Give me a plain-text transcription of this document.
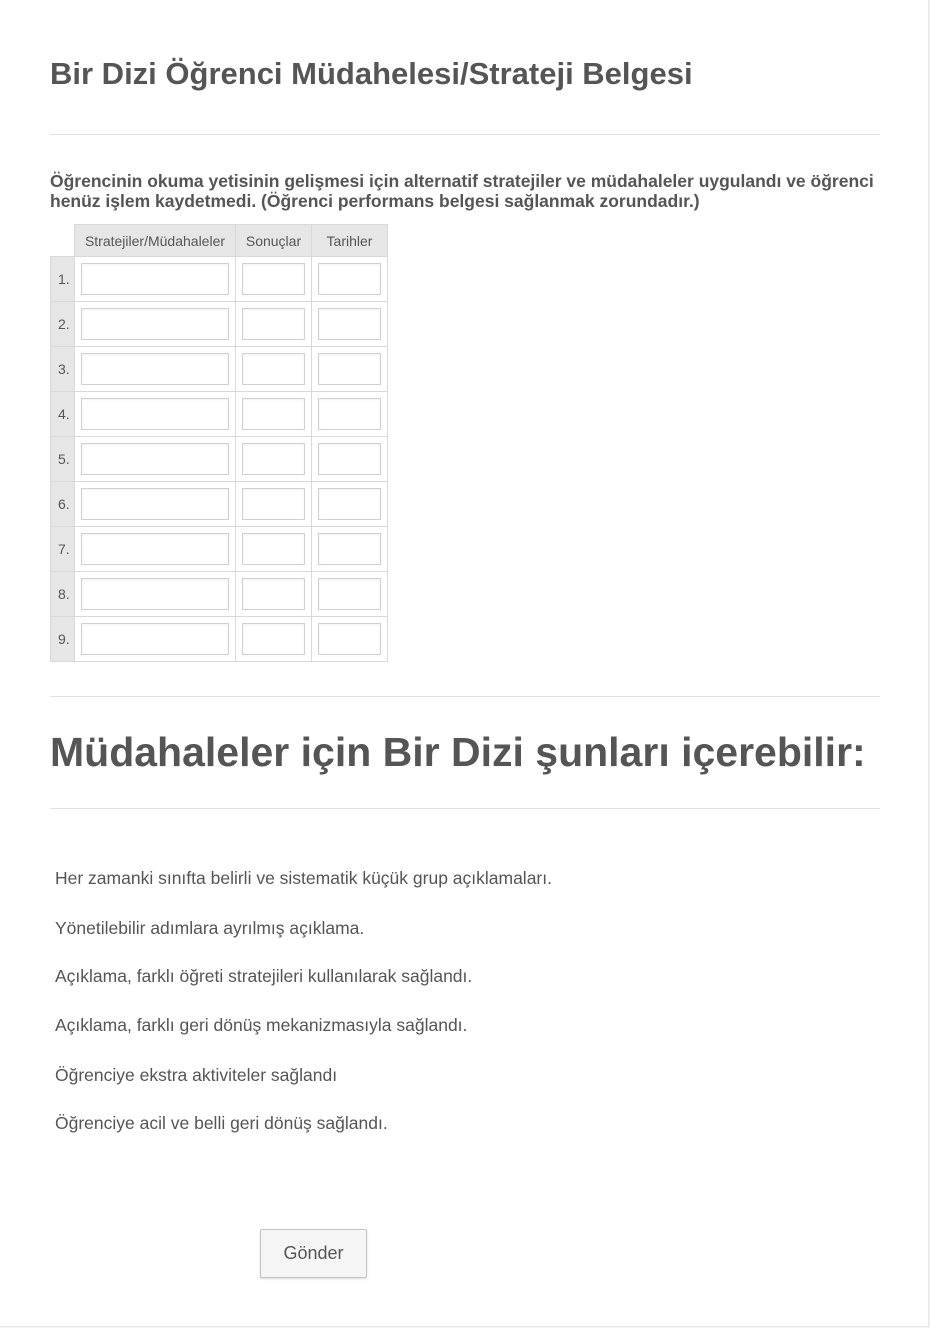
Bir Dizi Öğrenci Müdahelesi/Strateji Belgesi

Öğrencinin okuma yetisinin gelişmesi için alternatif stratejiler ve müdahaleler uygulandı ve öğrenci henüz işlem kaydetmedi. (Öğrenci performans belgesi sağlanmak zorundadır.)

	Stratejiler/Müdahaleler	Sonuçlar	Tarihler
1.	

2.	

3.	

4.	

5.	

6.	

7.	

8.	

9.	

Müdahaleler için Bir Dizi şunları içerebilir:
Her zamanki sınıfta belirli ve sistematik küçük grup açıklamaları.
Yönetilebilir adımlara ayrılmış açıklama.
Açıklama, farklı öğreti stratejileri kullanılarak sağlandı.
Açıklama, farklı geri dönüş mekanizmasıyla sağlandı.
Öğrenciye ekstra aktiviteler sağlandı
Öğrenciye acil ve belli geri dönüş sağlandı.
Gönder
